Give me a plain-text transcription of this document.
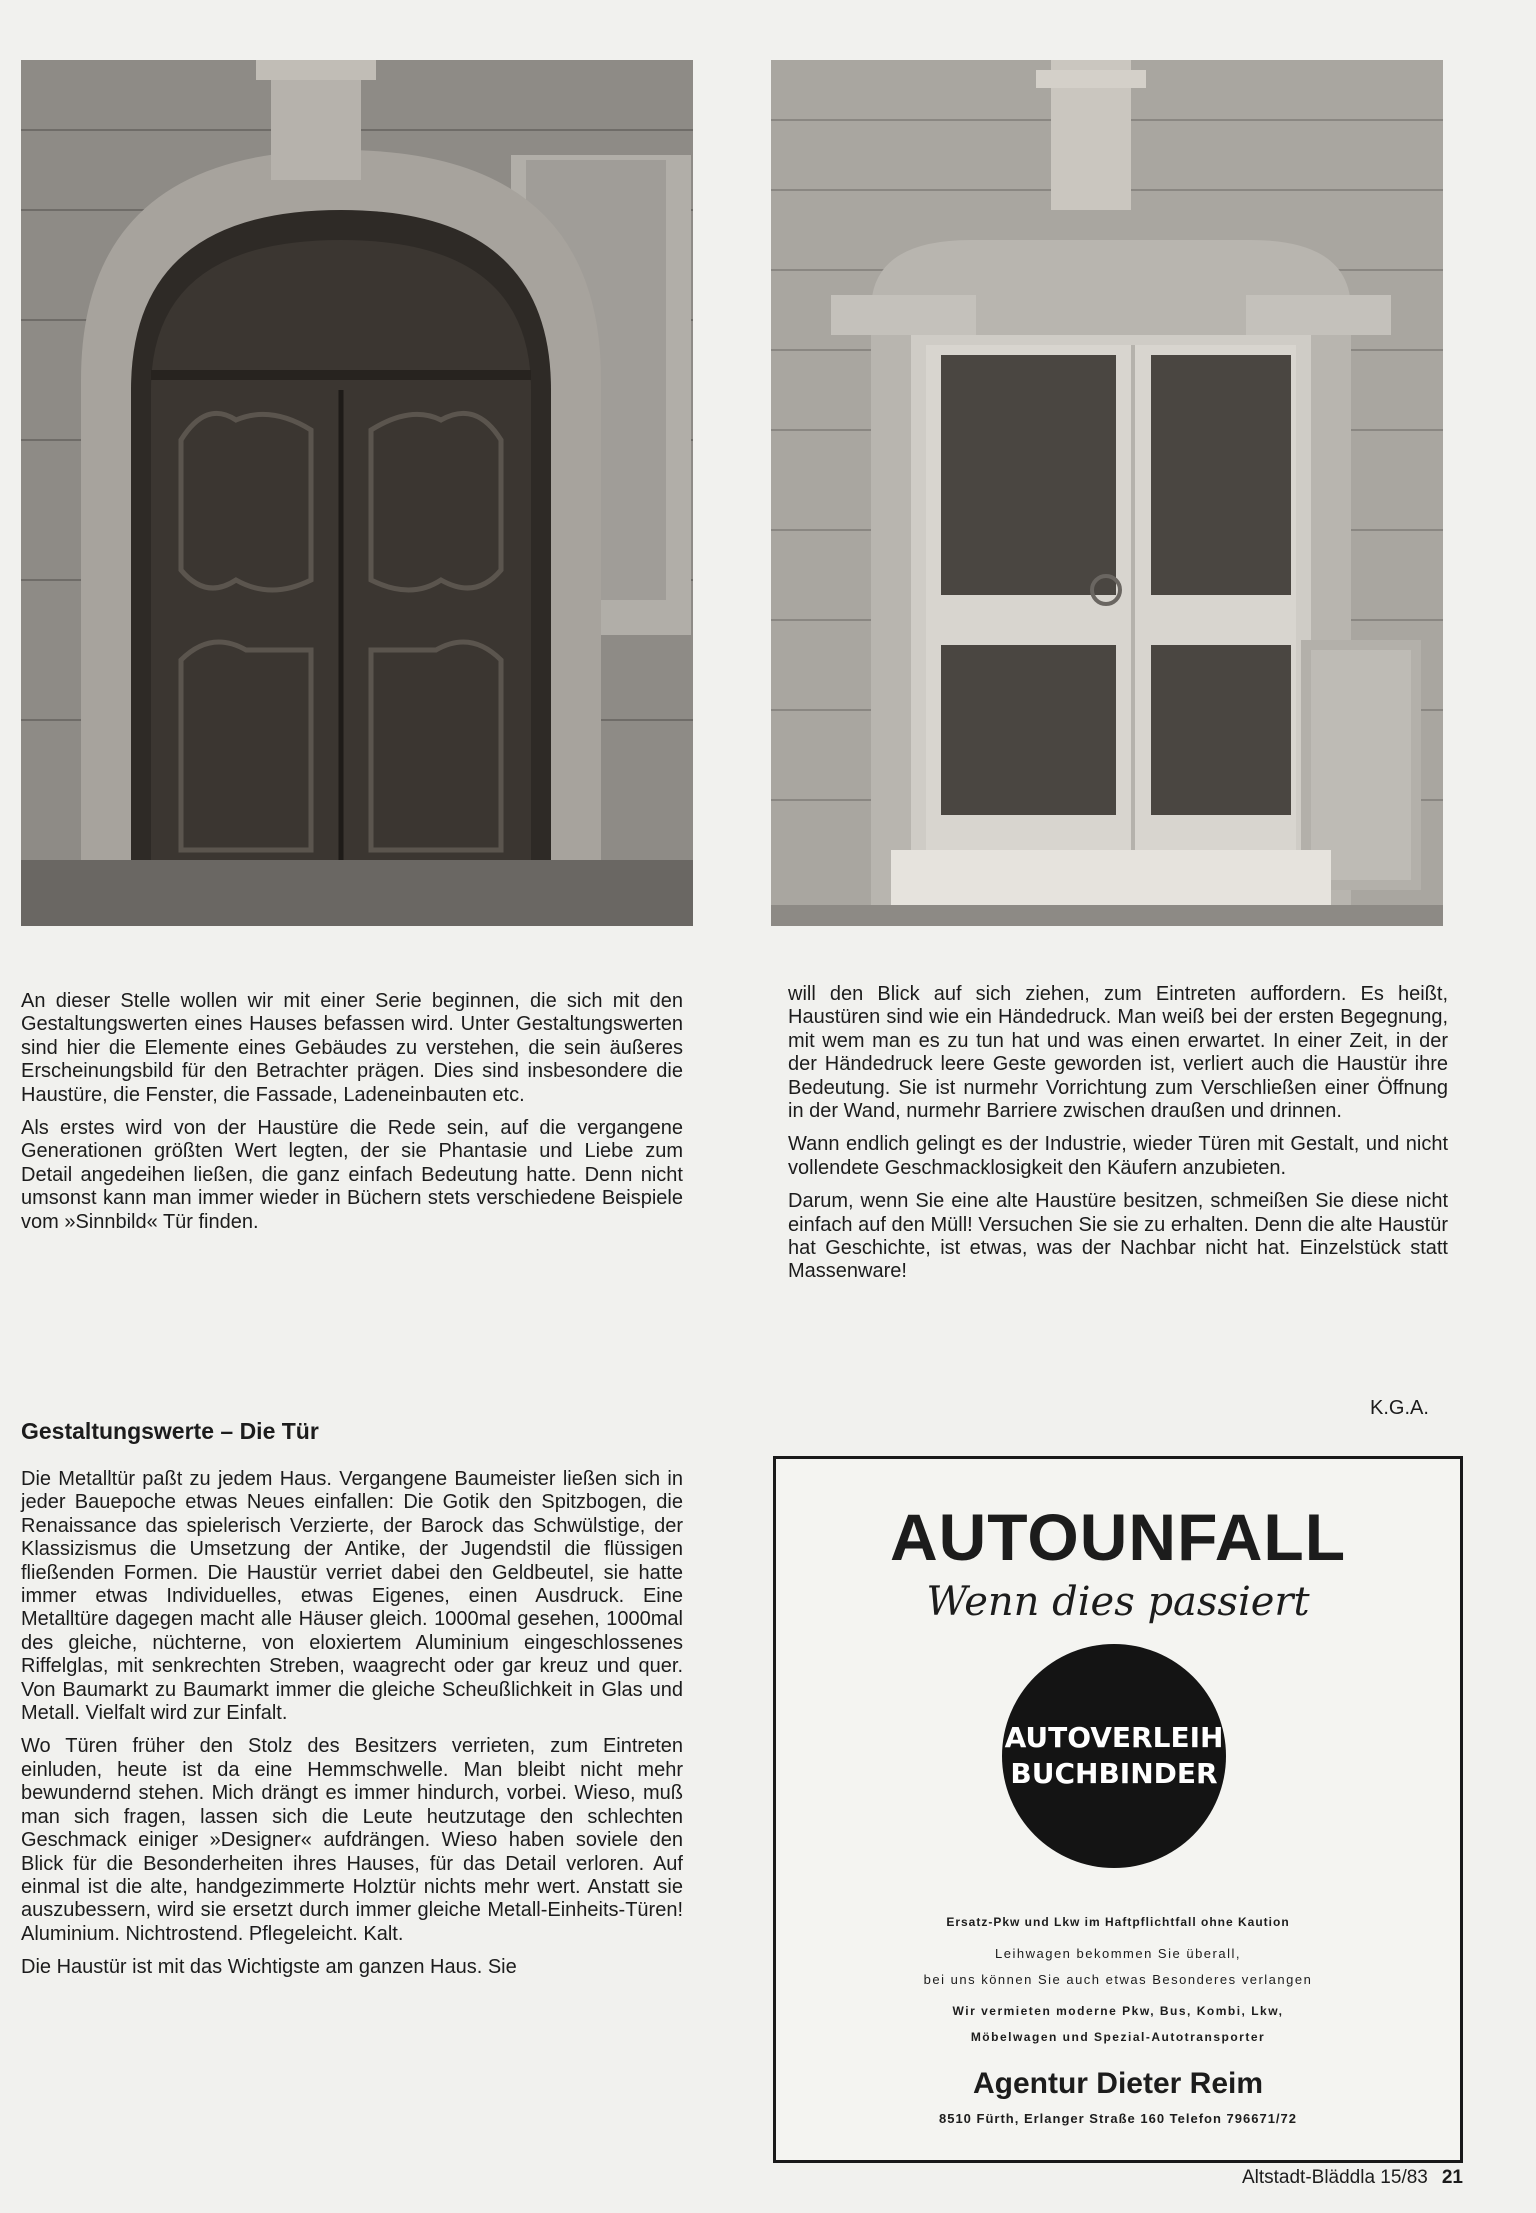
An dieser Stelle wollen wir mit einer Serie beginnen, die sich mit den Gestaltungswerten eines Hauses befassen wird. Unter Gestaltungswerten sind hier die Elemente eines Gebäudes zu verstehen, die sein äußeres Erscheinungsbild für den Betrachter prägen. Dies sind insbesondere die Haustüre, die Fenster, die Fassade, Ladeneinbauten etc.

Als erstes wird von der Haustüre die Rede sein, auf die vergangene Generationen größten Wert legten, der sie Phantasie und Liebe zum Detail angedeihen ließen, die ganz einfach Bedeutung hatte. Denn nicht umsonst kann man immer wieder in Büchern stets verschiedene Beispiele vom »Sinnbild« Tür finden.

Gestaltungswerte – Die Tür

Die Metalltür paßt zu jedem Haus. Vergangene Baumeister ließen sich in jeder Bauepoche etwas Neues einfallen: Die Gotik den Spitzbogen, die Renaissance das spielerisch Verzierte, der Barock das Schwülstige, der Klassizismus die Umsetzung der Antike, der Jugendstil die flüssigen fließenden Formen. Die Haustür verriet dabei den Geldbeutel, sie hatte immer etwas Individuelles, etwas Eigenes, einen Ausdruck. Eine Metalltüre dagegen macht alle Häuser gleich. 1000mal gesehen, 1000mal des gleiche, nüchterne, von eloxiertem Aluminium eingeschlossenes Riffelglas, mit senkrechten Streben, waagrecht oder gar kreuz und quer. Von Baumarkt zu Baumarkt immer die gleiche Scheußlichkeit in Glas und Metall. Vielfalt wird zur Einfalt.

Wo Türen früher den Stolz des Besitzers verrieten, zum Eintreten einluden, heute ist da eine Hemmschwelle. Man bleibt nicht mehr bewundernd stehen. Mich drängt es immer hindurch, vorbei. Wieso, muß man sich fragen, lassen sich die Leute heutzutage den schlechten Geschmack einiger »Designer« aufdrängen. Wieso haben soviele den Blick für die Besonderheiten ihres Hauses, für das Detail verloren. Auf einmal ist die alte, handgezimmerte Holztür nichts mehr wert. Anstatt sie auszubessern, wird sie ersetzt durch immer gleiche Metall-Einheits-Türen! Aluminium. Nichtrostend. Pflegeleicht. Kalt.

Die Haustür ist mit das Wichtigste am ganzen Haus. Sie

will den Blick auf sich ziehen, zum Eintreten auffordern. Es heißt, Haustüren sind wie ein Händedruck. Man weiß bei der ersten Begegnung, mit wem man es zu tun hat und was einen erwartet. In einer Zeit, in der der Händedruck leere Geste geworden ist, verliert auch die Haustür ihre Bedeutung. Sie ist nurmehr Vorrichtung zum Verschließen einer Öffnung in der Wand, nurmehr Barriere zwischen draußen und drinnen.

Wann endlich gelingt es der Industrie, wieder Türen mit Gestalt, und nicht vollendete Geschmacklosigkeit den Käufern anzubieten.

Darum, wenn Sie eine alte Haustüre besitzen, schmeißen Sie diese nicht einfach auf den Müll! Versuchen Sie sie zu erhalten. Denn die alte Haustür hat Geschichte, ist etwas, was der Nachbar nicht hat. Einzelstück statt Massenware!

K.G.A.
AUTOUNFALL
Wenn dies passiert
AUTOVERLEIH
BUCHBINDER
Ersatz-Pkw und Lkw im Haftpflichtfall ohne Kaution
Leihwagen bekommen Sie überall,
bei uns können Sie auch etwas Besonderes verlangen
Wir vermieten moderne Pkw, Bus, Kombi, Lkw,
Möbelwagen und Spezial-Autotransporter
Agentur Dieter Reim
8510 Fürth, Erlanger Straße 160 Telefon 796671/72
Altstadt-Bläddla 15/83 21
